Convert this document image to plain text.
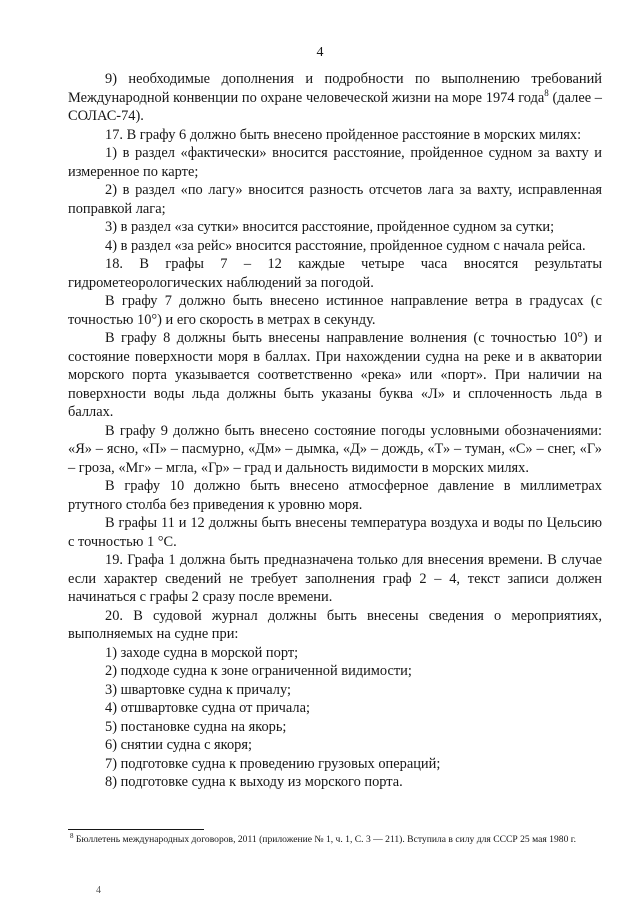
4

9) необходимые дополнения и подробности по выполнению требований Международной конвенции по охране человеческой жизни на море 1974 года$^8$ (далее – СОЛАС-74).

17. В графу 6 должно быть внесено пройденное расстояние в морских милях:

1) в раздел «фактически» вносится расстояние, пройденное судном за вахту и измеренное по карте;

2) в раздел «по лагу» вносится разность отсчетов лага за вахту, исправленная поправкой лага;

3) в раздел «за сутки» вносится расстояние, пройденное судном за сутки;

4) в раздел «за рейс» вносится расстояние, пройденное судном с начала рейса.

18. В графы 7 – 12 каждые четыре часа вносятся результаты гидрометеорологических наблюдений за погодой.

В графу 7 должно быть внесено истинное направление ветра в градусах (с точностью 10°) и его скорость в метрах в секунду.

В графу 8 должны быть внесены направление волнения (с точностью 10°) и состояние поверхности моря в баллах. При нахождении судна на реке и в акватории морского порта указывается соответственно «река» или «порт». При наличии на поверхности воды льда должны быть указаны буква «Л» и сплоченность льда в баллах.

В графу 9 должно быть внесено состояние погоды условными обозначениями: «Я» – ясно, «П» – пасмурно, «Дм» – дымка, «Д» – дождь, «Т» – туман, «С» – снег, «Г» – гроза, «Мг» – мгла, «Гр» – град и дальность видимости в морских милях.

В графу 10 должно быть внесено атмосферное давление в миллиметрах ртутного столба без приведения к уровню моря.

В графы 11 и 12 должны быть внесены температура воздуха и воды по Цельсию с точностью 1 °С.

19. Графа 1 должна быть предназначена только для внесения времени. В случае если характер сведений не требует заполнения граф 2 – 4, текст записи должен начинаться с графы 2 сразу после времени.

20. В судовой журнал должны быть внесены сведения о мероприятиях, выполняемых на судне при:

1) заходе судна в морской порт;

2) подходе судна к зоне ограниченной видимости;

3) швартовке судна к причалу;

4) отшвартовке судна от причала;

5) постановке судна на якорь;

6) снятии судна с якоря;

7) подготовке судна к проведению грузовых операций;

8) подготовке судна к выходу из морского порта.

$^8$ Бюллетень международных договоров, 2011 (приложение № 1, ч. 1, С. 3 — 211). Вступила в силу для СССР 25 мая 1980 г.
4
